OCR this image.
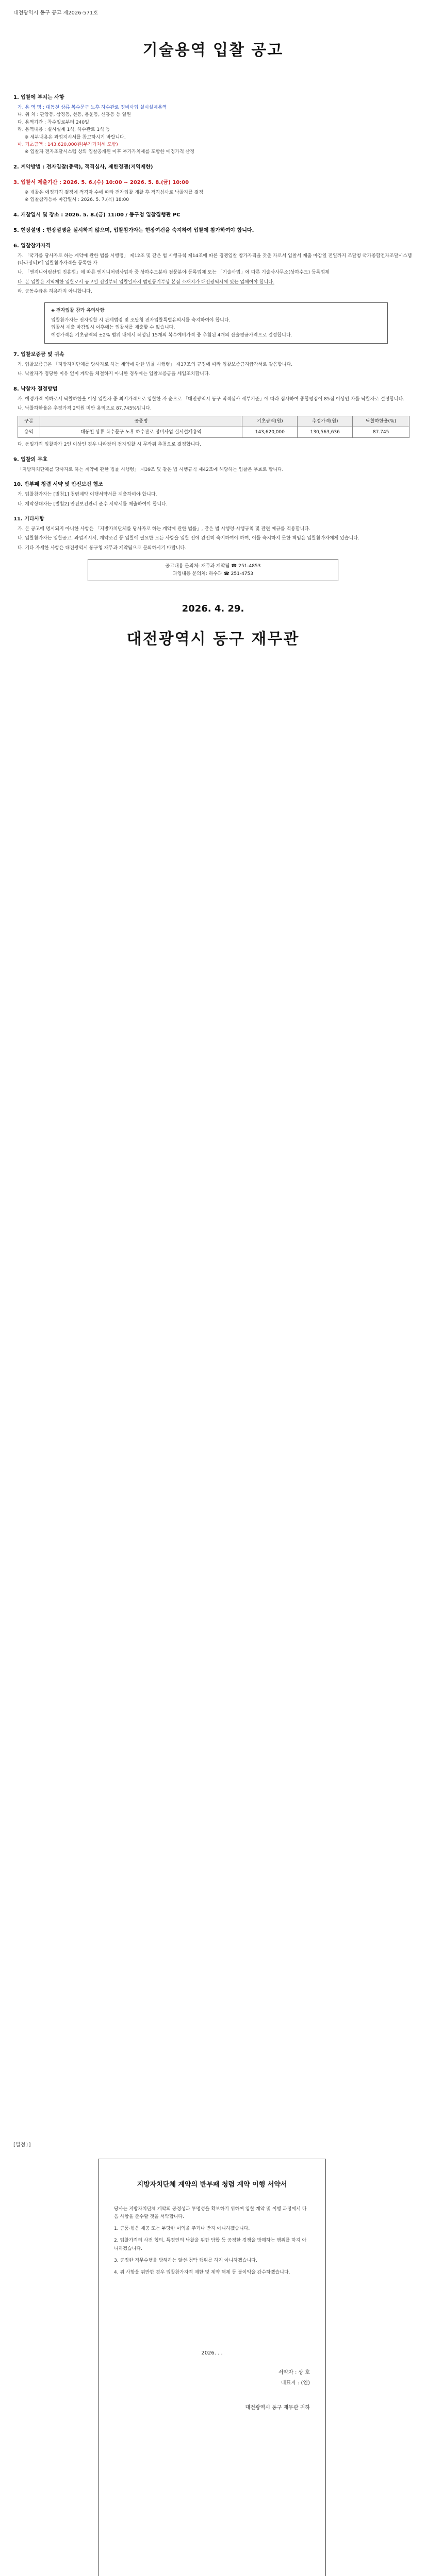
대전광역시 동구 공고 제2026-571호
기술용역 입찰 공고
1. 입찰에 부치는 사항
가. 용 역 명 : 대동천 상류 복수문구 노후 하수관로 정비사업 실시설계용역
나. 위 치 : 판암동, 삼정동, 천동, 용운동, 신흥동 등 일원
다. 용역기간 : 착수일로부터 240일
라. 용역내용 : 실시설계 1식, 하수관로 1식 등
※ 세부내용은 과업지시서를 참고하시기 바랍니다.
마. 기초금액 : 143,620,000원(부가가치세 포함)
※ 입찰자 전자조달시스템 상의 입찰공개된 이후 부가가치세를 포함한 예정가격 산정
2. 계약방법 : 전자입찰(총액), 적격심사, 제한경쟁(지역제한)
3. 입찰서 제출기간 : 2026. 5. 6.(수) 10:00 ~ 2026. 5. 8.(금) 10:00
※ 개찰은 예정가격 결정에 적격자 수에 따라 전자입찰 개찰 후 적격심사로 낙찰자를 결정
※ 입찰참가등록 마감일시 : 2026. 5. 7.(목) 18:00
4. 개찰일시 및 장소 : 2026. 5. 8.(금) 11:00 / 동구청 입찰집행관 PC
5. 현장설명 : 현장설명을 실시하지 않으며, 입찰참가자는 현장여건을 숙지하여 입찰에 참가하여야 합니다.
6. 입찰참가자격
가. 「국가를 당사자로 하는 계약에 관한 법률 시행령」 제12조 및 같은 법 시행규칙 제14조에 따른 경쟁입찰 참가자격을 갖춘 자로서 입찰서 제출 마감일 전일까지 조달청 국가종합전자조달시스템(나라장터)에 입찰참가자격을 등록한 자
나. 「엔지니어링산업 진흥법」에 따른 엔지니어링사업자 중 상하수도분야 전문분야 등록업체 또는 「기술사법」에 따른 기술사사무소(상하수도) 등록업체
다. 본 입찰은 지역제한 입찰로서 공고일 전일부터 입찰일까지 법인등기부상 본점 소재지가 대전광역시에 있는 업체여야 합니다.
라. 공동수급은 허용하지 아니합니다.
◈ 전자입찰 참가 유의사항
입찰참가자는 전자입찰 시 관계법령 및 조달청 전자입찰특별유의서를 숙지하여야 합니다.
입찰서 제출 마감일시 이후에는 입찰서를 제출할 수 없습니다.
예정가격은 기초금액의 ±2% 범위 내에서 작성된 15개의 복수예비가격 중 추첨된 4개의 산술평균가격으로 결정합니다.
7. 입찰보증금 및 귀속
가. 입찰보증금은 「지방자치단체를 당사자로 하는 계약에 관한 법률 시행령」 제37조의 규정에 따라 입찰보증금지급각서로 갈음합니다.
나. 낙찰자가 정당한 이유 없이 계약을 체결하지 아니한 경우에는 입찰보증금을 세입조치합니다.
8. 낙찰자 결정방법
가. 예정가격 이하로서 낙찰하한율 이상 입찰자 중 최저가격으로 입찰한 자 순으로 「대전광역시 동구 적격심사 세부기준」에 따라 심사하여 종합평점이 85점 이상인 자를 낙찰자로 결정합니다.
나. 낙찰하한율은 추정가격 2억원 미만 용역으로 87.745%입니다.
구분	공종명	기초금액(원)	추정가격(원)	낙찰하한율(%)
용역	대동천 상류 복수문구 노후 하수관로 정비사업 실시설계용역	143,620,000	130,563,636	87.745
다. 동일가격 입찰자가 2인 이상인 경우 나라장터 전자입찰 시 무작위 추첨으로 결정합니다.
9. 입찰의 무효
「지방자치단체를 당사자로 하는 계약에 관한 법률 시행령」 제39조 및 같은 법 시행규칙 제42조에 해당하는 입찰은 무효로 합니다.
10. 반부패 청렴 서약 및 안전보건 협조
가. 입찰참가자는 [별첨1] 청렴계약 이행서약서를 제출하여야 합니다.
나. 계약상대자는 [별첨2] 안전보건관리 준수 서약서를 제출하여야 합니다.
11. 기타사항
가. 본 공고에 명시되지 아니한 사항은 「지방자치단체를 당사자로 하는 계약에 관한 법률」, 같은 법 시행령·시행규칙 및 관련 예규를 적용합니다.
나. 입찰참가자는 입찰공고, 과업지시서, 계약조건 등 입찰에 필요한 모든 사항을 입찰 전에 완전히 숙지하여야 하며, 이를 숙지하지 못한 책임은 입찰참가자에게 있습니다.
다. 기타 자세한 사항은 대전광역시 동구청 재무과 계약팀으로 문의하시기 바랍니다.
공고내용 문의처: 재무과 계약팀 ☎ 251-4853
과업내용 문의처: 하수과 ☎ 251-4753
2026. 4. 29.
대전광역시 동구 재무관
[별첨1]
지방자치단체 계약의 반부패 청렴 계약 이행 서약서
당사는 지방자치단체 계약의 공정성과 투명성을 확보하기 위하여 입찰·계약 및 이행 과정에서 다음 사항을 준수할 것을 서약합니다.
1. 금품·향응 제공 또는 부당한 이익을 주거나 받지 아니하겠습니다.
2. 입찰가격의 사전 협의, 특정인의 낙찰을 위한 담합 등 공정한 경쟁을 방해하는 행위를 하지 아니하겠습니다.
3. 공정한 직무수행을 방해하는 알선·청탁 행위를 하지 아니하겠습니다.
4. 위 사항을 위반한 경우 입찰참가자격 제한 및 계약 해제 등 불이익을 감수하겠습니다.
2026. . .
서약자 : 상 호
대표자 : (인)
대전광역시 동구 재무관 귀하
